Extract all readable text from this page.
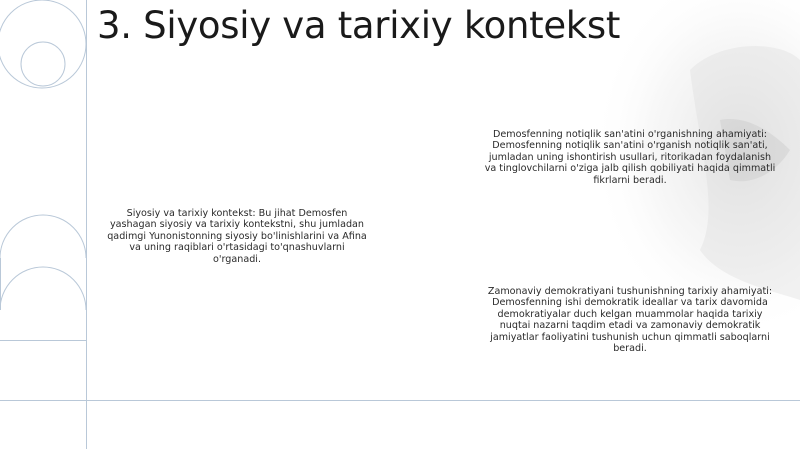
3. Siyosiy va tarixiy kontekst

Siyosiy va tarixiy kontekst: Bu jihat Demosfen yashagan siyosiy va tarixiy kontekstni, shu jumladan qadimgi Yunonistonning siyosiy bo'linishlarini va Afina va uning raqiblari o'rtasidagi to'qnashuvlarni o'rganadi.

Demosfenning notiqlik san'atini o'rganishning ahamiyati: Demosfenning notiqlik san'atini o'rganish notiqlik san'ati, jumladan uning ishontirish usullari, ritorikadan foydalanish va tinglovchilarni o'ziga jalb qilish qobiliyati haqida qimmatli fikrlarni beradi.

Zamonaviy demokratiyani tushunishning tarixiy ahamiyati: Demosfenning ishi demokratik ideallar va tarix davomida demokratiyalar duch kelgan muammolar haqida tarixiy nuqtai nazarni taqdim etadi va zamonaviy demokratik jamiyatlar faoliyatini tushunish uchun qimmatli saboqlarni beradi.
